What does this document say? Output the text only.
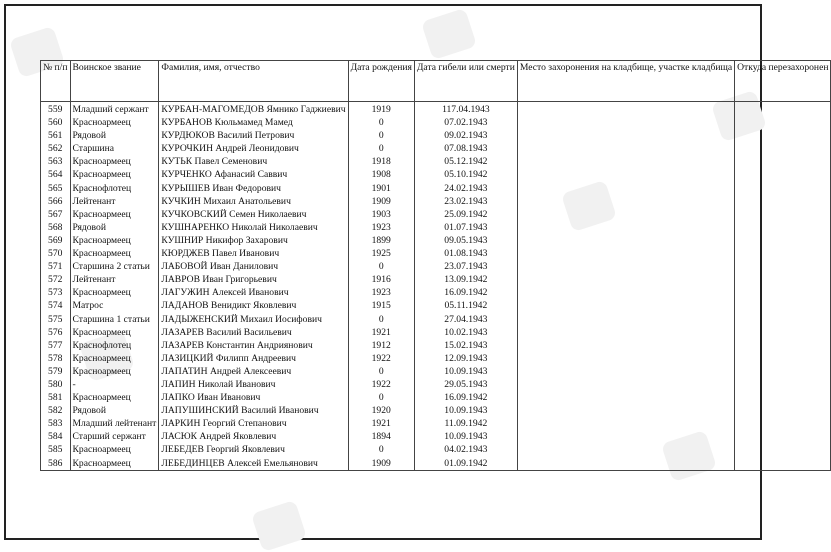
№ п/п	Воинское звание	Фамилия, имя, отчество	Дата рождения	Дата гибели или смерти	Место захоронения на кладбище, участке кладбища	Откуда перезахоронен
559	Младший сержант	КУРБАН-МАГОМЕДОВ Ямнико Гаджиевич	1919	117.04.1943		
560	Красноармеец	КУРБАНОВ Кюльмамед Мамед	0	07.02.1943		
561	Рядовой	КУРДЮКОВ Василий Петрович	0	09.02.1943		
562	Старшина	КУРОЧКИН Андрей Леонидович	0	07.08.1943		
563	Красноармеец	КУТЬК Павел Семенович	1918	05.12.1942		
564	Красноармеец	КУРЧЕНКО Афанасий Саввич	1908	05.10.1942		
565	Краснофлотец	КУРЫШЕВ Иван Федорович	1901	24.02.1943		
566	Лейтенант	КУЧКИН Михаил Анатольевич	1909	23.02.1943		
567	Красноармеец	КУЧКОВСКИЙ Семен Николаевич	1903	25.09.1942		
568	Рядовой	КУШНАРЕНКО Николай Николаевич	1923	01.07.1943		
569	Красноармеец	КУШНИР Никифор Захарович	1899	09.05.1943		
570	Красноармеец	КЮРДЖЕВ Павел Иванович	1925	01.08.1943		
571	Старшина 2 статьи	ЛАБОВОЙ Иван Данилович	0	23.07.1943		
572	Лейтенант	ЛАВРОВ Иван Григорьевич	1916	13.09.1942		
573	Красноармеец	ЛАГУЖИН Алексей Иванович	1923	16.09.1942		
574	Матрос	ЛАДАНОВ Венидикт Яковлевич	1915	05.11.1942		
575	Старшина 1 статьи	ЛАДЫЖЕНСКИЙ Михаил Иосифович	0	27.04.1943		
576	Красноармеец	ЛАЗАРЕВ Василий Васильевич	1921	10.02.1943		
577	Краснофлотец	ЛАЗАРЕВ Константин Андриянович	1912	15.02.1943		
578	Красноармеец	ЛАЗИЦКИЙ Филипп Андреевич	1922	12.09.1943		
579	Красноармеец	ЛАПАТИН Андрей Алексеевич	0	10.09.1943		
580	-	ЛАПИН Николай Иванович	1922	29.05.1943		
581	Красноармеец	ЛАПКО Иван Иванович	0	16.09.1942		
582	Рядовой	ЛАПУШИНСКИЙ Василий Иванович	1920	10.09.1943		
583	Младший лейтенант	ЛАРКИН Георгий Степанович	1921	11.09.1942		
584	Старший сержант	ЛАСЮК Андрей Яковлевич	1894	10.09.1943		
585	Красноармеец	ЛЕБЕДЕВ Георгий Яковлевич	0	04.02.1943		
586	Красноармеец	ЛЕБЕДИНЦЕВ Алексей Емельянович	1909	01.09.1942		
